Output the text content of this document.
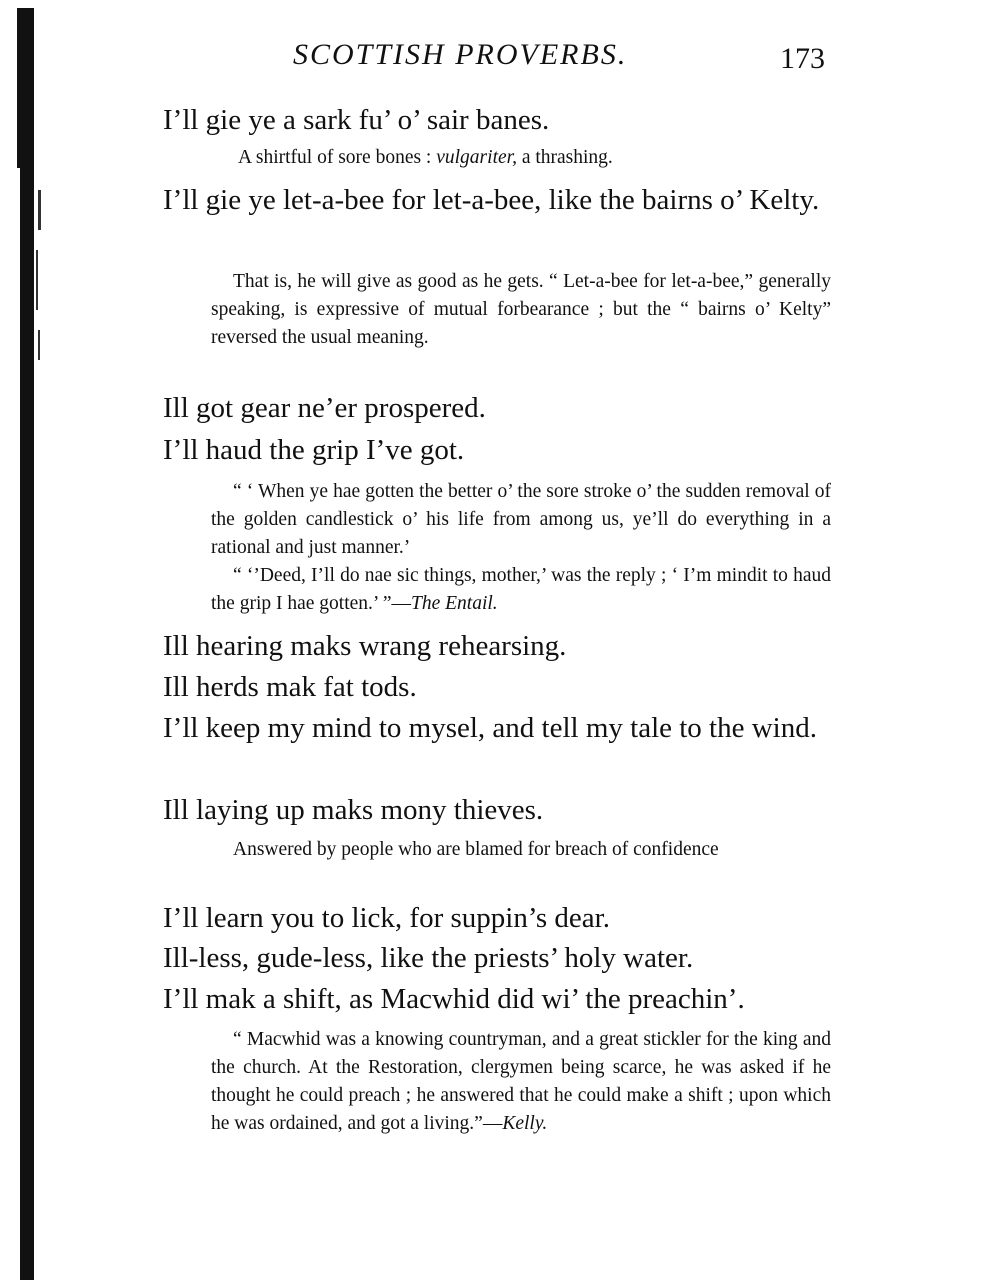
SCOTTISH PROVERBS.	173

I’ll gie ye a sark fu’ o’ sair banes.

A shirtful of sore bones : vulgariter, a thrashing.

I’ll gie ye let-a-bee for let-a-bee, like the bairns o’ Kelty.

That is, he will give as good as he gets. “ Let-a-bee for let-a-bee,” generally speaking, is expressive of mutual forbearance ; but the “ bairns o’ Kelty” reversed the usual meaning.

Ill got gear ne’er prospered.

I’ll haud the grip I’ve got.

“ ‘ When ye hae gotten the better o’ the sore stroke o’ the sudden removal of the golden candlestick o’ his life from among us, ye’ll do everything in a rational and just manner.’
“ ‘’Deed, I’ll do nae sic things, mother,’ was the reply ; ‘ I’m mindit to haud the grip I hae gotten.’ ”—The Entail.

Ill hearing maks wrang rehearsing.

Ill herds mak fat tods.

I’ll keep my mind to mysel, and tell my tale to the wind.

Ill laying up maks mony thieves.

Answered by people who are blamed for breach of confidence

I’ll learn you to lick, for suppin’s dear.

Ill-less, gude-less, like the priests’ holy water.

I’ll mak a shift, as Macwhid did wi’ the preachin’.

“ Macwhid was a knowing countryman, and a great stickler for the king and the church. At the Restoration, clergymen being scarce, he was asked if he thought he could preach ; he answered that he could make a shift ; upon which he was ordained, and got a living.”—Kelly.
